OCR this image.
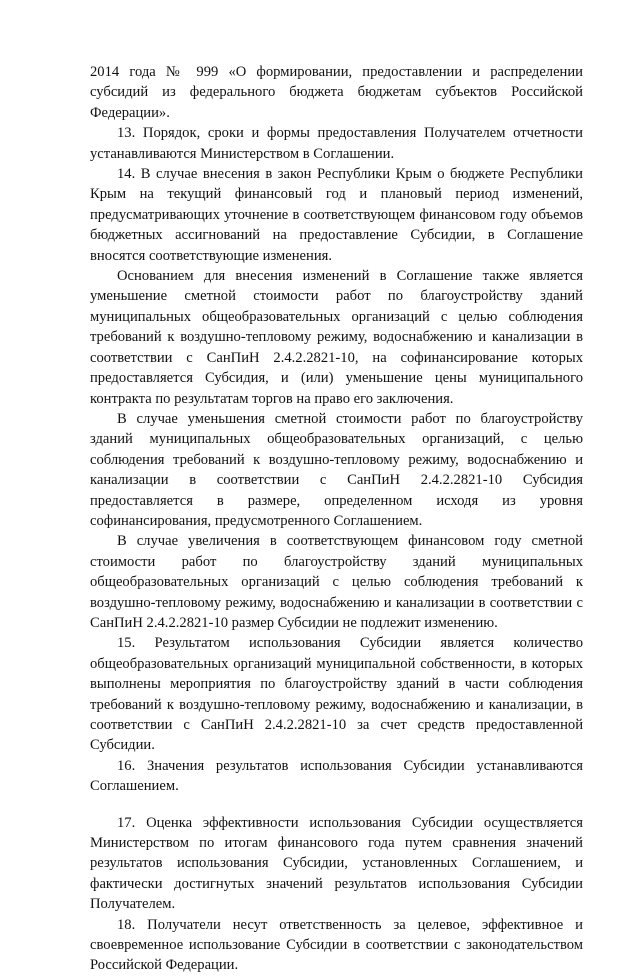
2014 года № 999 «О формировании, предоставлении и распределении субсидий из федерального бюджета бюджетам субъектов Российской Федерации».

13. Порядок, сроки и формы предоставления Получателем отчетности устанавливаются Министерством в Соглашении.

14. В случае внесения в закон Республики Крым о бюджете Республики Крым на текущий финансовый год и плановый период изменений, предусматривающих уточнение в соответствующем финансовом году объемов бюджетных ассигнований на предоставление Субсидии, в Соглашение вносятся соответствующие изменения.

Основанием для внесения изменений в Соглашение также является уменьшение сметной стоимости работ по благоустройству зданий муниципальных общеобразовательных организаций с целью соблюдения требований к воздушно-тепловому режиму, водоснабжению и канализации в соответствии с СанПиН 2.4.2.2821-10, на софинансирование которых предоставляется Субсидия, и (или) уменьшение цены муниципального контракта по результатам торгов на право его заключения.

В случае уменьшения сметной стоимости работ по благоустройству зданий муниципальных общеобразовательных организаций, с целью соблюдения требований к воздушно-тепловому режиму, водоснабжению и канализации в соответствии с СанПиН 2.4.2.2821-10 Субсидия предоставляется в размере, определенном исходя из уровня софинансирования, предусмотренного Соглашением.

В случае увеличения в соответствующем финансовом году сметной стоимости работ по благоустройству зданий муниципальных общеобразовательных организаций с целью соблюдения требований к воздушно-тепловому режиму, водоснабжению и канализации в соответствии с СанПиН 2.4.2.2821-10 размер Субсидии не подлежит изменению.

15. Результатом использования Субсидии является количество общеобразовательных организаций муниципальной собственности, в которых выполнены мероприятия по благоустройству зданий в части соблюдения требований к воздушно-тепловому режиму, водоснабжению и канализации, в соответствии с СанПиН 2.4.2.2821-10 за счет средств предоставленной Субсидии.

16. Значения результатов использования Субсидии устанавливаются Соглашением.

17. Оценка эффективности использования Субсидии осуществляется Министерством по итогам финансового года путем сравнения значений результатов использования Субсидии, установленных Соглашением, и фактически достигнутых значений результатов использования Субсидии Получателем.

18. Получатели несут ответственность за целевое, эффективное и своевременное использование Субсидии в соответствии с законодательством Российской Федерации.
